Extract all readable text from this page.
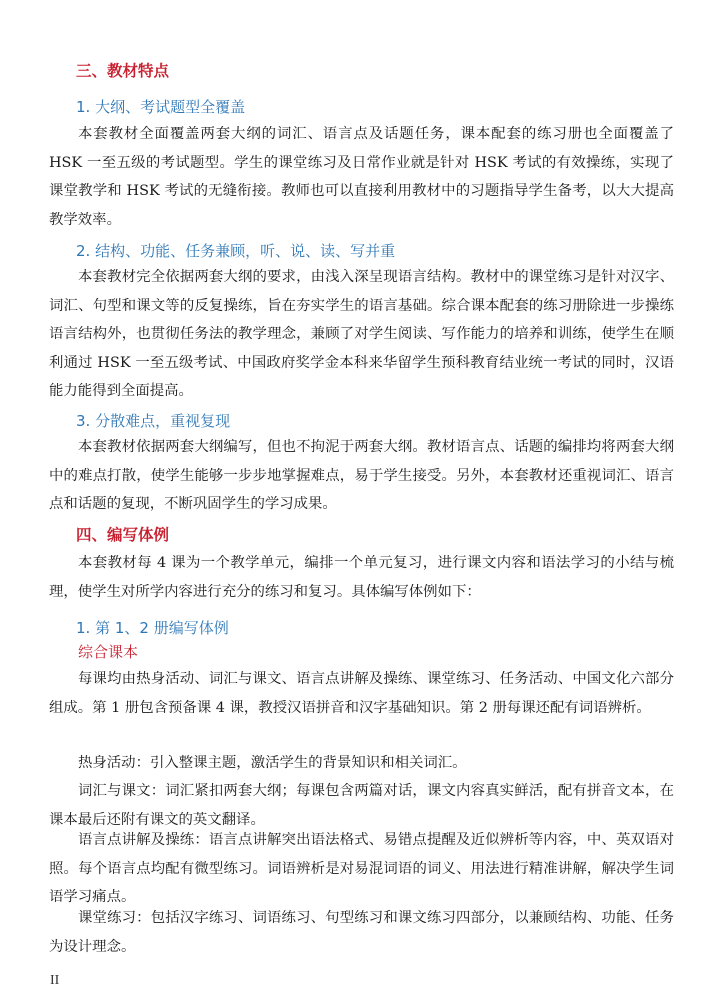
三、教材特点
1. 大纲、考试题型全覆盖

本套教材全面覆盖两套大纲的词汇、语言点及话题任务，课本配套的练习册也全面覆盖了 HSK 一至五级的考试题型。学生的课堂练习及日常作业就是针对 HSK 考试的有效操练，实现了课堂教学和 HSK 考试的无缝衔接。教师也可以直接利用教材中的习题指导学生备考，以大大提高教学效率。

2. 结构、功能、任务兼顾，听、说、读、写并重

本套教材完全依据两套大纲的要求，由浅入深呈现语言结构。教材中的课堂练习是针对汉字、词汇、句型和课文等的反复操练，旨在夯实学生的语言基础。综合课本配套的练习册除进一步操练语言结构外，也贯彻任务法的教学理念，兼顾了对学生阅读、写作能力的培养和训练，使学生在顺利通过 HSK 一至五级考试、中国政府奖学金本科来华留学生预科教育结业统一考试的同时，汉语能力能得到全面提高。

3. 分散难点，重视复现

本套教材依据两套大纲编写，但也不拘泥于两套大纲。教材语言点、话题的编排均将两套大纲中的难点打散，使学生能够一步步地掌握难点，易于学生接受。另外，本套教材还重视词汇、语言点和话题的复现，不断巩固学生的学习成果。

四、编写体例

本套教材每 4 课为一个教学单元，编排一个单元复习，进行课文内容和语法学习的小结与梳理，使学生对所学内容进行充分的练习和复习。具体编写体例如下：

1. 第 1、2 册编写体例
综合课本

每课均由热身活动、词汇与课文、语言点讲解及操练、课堂练习、任务活动、中国文化六部分组成。第 1 册包含预备课 4 课，教授汉语拼音和汉字基础知识。第 2 册每课还配有词语辨析。

热身活动：引入整课主题，激活学生的背景知识和相关词汇。

词汇与课文：词汇紧扣两套大纲；每课包含两篇对话，课文内容真实鲜活，配有拼音文本，在课本最后还附有课文的英文翻译。

语言点讲解及操练：语言点讲解突出语法格式、易错点提醒及近似辨析等内容，中、英双语对照。每个语言点均配有微型练习。词语辨析是对易混词语的词义、用法进行精准讲解，解决学生词语学习痛点。

课堂练习：包括汉字练习、词语练习、句型练习和课文练习四部分，以兼顾结构、功能、任务为设计理念。

II
